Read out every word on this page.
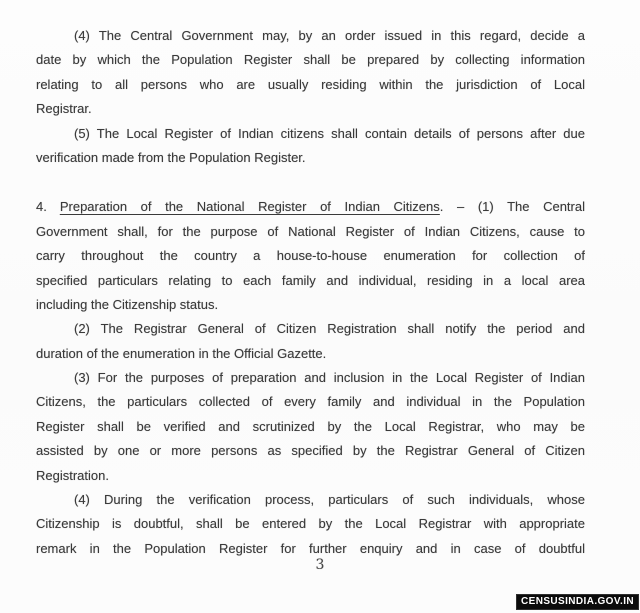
(4) The Central Government may, by an order issued in this regard, decide a
date by which the Population Register shall be prepared by collecting information
relating to all persons who are usually residing within the jurisdiction of Local
Registrar.
(5) The Local Register of Indian citizens shall contain details of persons after due
verification made from the Population Register.
4. Preparation of the National Register of Indian Citizens. – (1) The Central
Government shall, for the purpose of National Register of Indian Citizens, cause to
carry throughout the country a house-to-house enumeration for collection of
specified particulars relating to each family and individual, residing in a local area
including the Citizenship status.
(2) The Registrar General of Citizen Registration shall notify the period and
duration of the enumeration in the Official Gazette.
(3) For the purposes of preparation and inclusion in the Local Register of Indian
Citizens, the particulars collected of every family and individual in the Population
Register shall be verified and scrutinized by the Local Registrar, who may be
assisted by one or more persons as specified by the Registrar General of Citizen
Registration.
(4) During the verification process, particulars of such individuals, whose
Citizenship is doubtful, shall be entered by the Local Registrar with appropriate
remark in the Population Register for further enquiry and in case of doubtful
3
CENSUSINDIA.GOV.IN
